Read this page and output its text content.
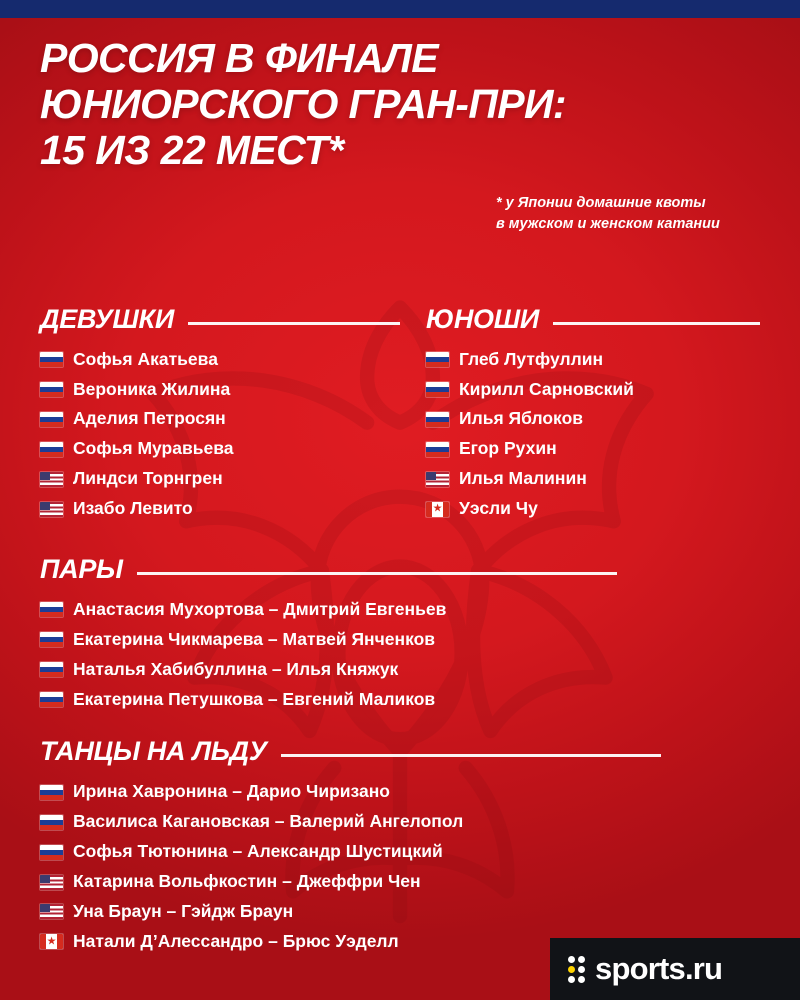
РОССИЯ В ФИНАЛЕ
ЮНИОРСКОГО ГРАН-ПРИ:
15 ИЗ 22 МЕСТ*
* у Японии домашние квоты
в мужском и женском катании
ДЕВУШКИ
Софья Акатьева
Вероника Жилина
Аделия Петросян
Софья Муравьева
Линдси Торнгрен
Изабо Левито
ЮНОШИ
Глеб Лутфуллин
Кирилл Сарновский
Илья Яблоков
Егор Рухин
Илья Малинин
★ Уэсли Чу
ПАРЫ
Анастасия Мухортова – Дмитрий Евгеньев
Екатерина Чикмарева – Матвей Янченков
Наталья Хабибуллина – Илья Княжук
Екатерина Петушкова – Евгений Маликов
ТАНЦЫ НА ЛЬДУ
Ирина Хавронина – Дарио Чиризано
Василиса Кагановская – Валерий Ангелопол
Софья Тютюнина – Александр Шустицкий
Катарина Вольфкостин – Джеффри Чен
Уна Браун – Гэйдж Браун
★ Натали Д’Алессандро – Брюс Уэделл
sports.ru
